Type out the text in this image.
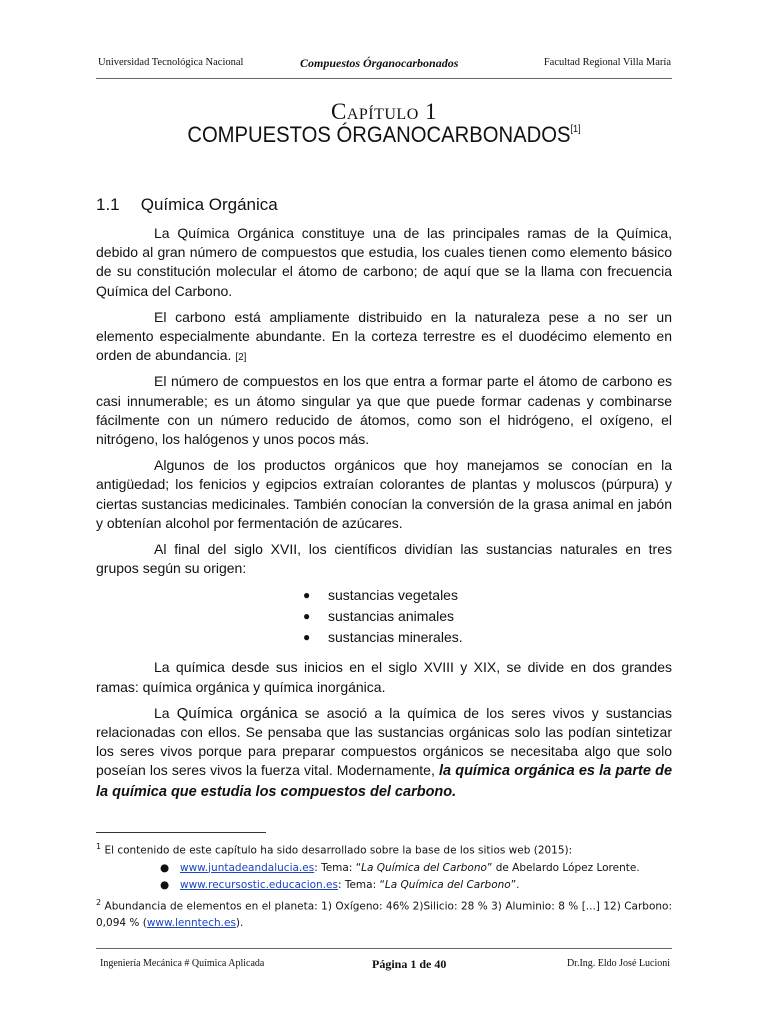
Universidad Tecnológica Nacional	Compuestos Órganocarbonados	Facultad Regional Villa María
Capítulo 1
COMPUESTOS ÓRGANOCARBONADOS[1]
1.1 Química Orgánica

La Química Orgánica constituye una de las principales ramas de la Química, debido al gran número de compuestos que estudia, los cuales tienen como elemento básico de su constitución molecular el átomo de carbono; de aquí que se la llama con frecuencia Química del Carbono.

El carbono está ampliamente distribuido en la naturaleza pese a no ser un elemento especialmente abundante. En la corteza terrestre es el duodécimo elemento en orden de abundancia. [2]

El número de compuestos en los que entra a formar parte el átomo de carbono es casi innumerable; es un átomo singular ya que que puede formar cadenas y combinarse fácilmente con un número reducido de átomos, como son el hidrógeno, el oxígeno, el nitrógeno, los halógenos y unos pocos más.

Algunos de los productos orgánicos que hoy manejamos se conocían en la antigüedad; los fenicios y egipcios extraían colorantes de plantas y moluscos (púrpura) y ciertas sustancias medicinales. También conocían la conversión de la grasa animal en jabón y obtenían alcohol por fermentación de azúcares.

Al final del siglo XVII, los científicos dividían las sustancias naturales en tres grupos según su origen:

● sustancias vegetales
● sustancias animales
● sustancias minerales.

La química desde sus inicios en el siglo XVIII y XIX, se divide en dos grandes ramas: química orgánica y química inorgánica.

La Química orgánica se asoció a la química de los seres vivos y sustancias relacionadas con ellos. Se pensaba que las sustancias orgánicas solo las podían sintetizar los seres vivos porque para preparar compuestos orgánicos se necesitaba algo que solo poseían los seres vivos la fuerza vital. Modernamente, la química orgánica es la parte de la química que estudia los compuestos del carbono.

$^1$ El contenido de este capítulo ha sido desarrollado sobre la base de los sitios web (2015):

● www.juntadeandalucia.es: Tema: “La Química del Carbono” de Abelardo López Lorente.

● www.recursostic.educacion.es: Tema: “La Química del Carbono”.

$^2$ Abundancia de elementos en el planeta: 1) Oxígeno: 46% 2)Silicio: 28 % 3) Aluminio: 8 % [...] 12) Carbono: 0,094 % (www.lenntech.es).

Ingeniería Mecánica # Química Aplicada	Página 1 de 40	Dr.Ing. Eldo José Lucioni
